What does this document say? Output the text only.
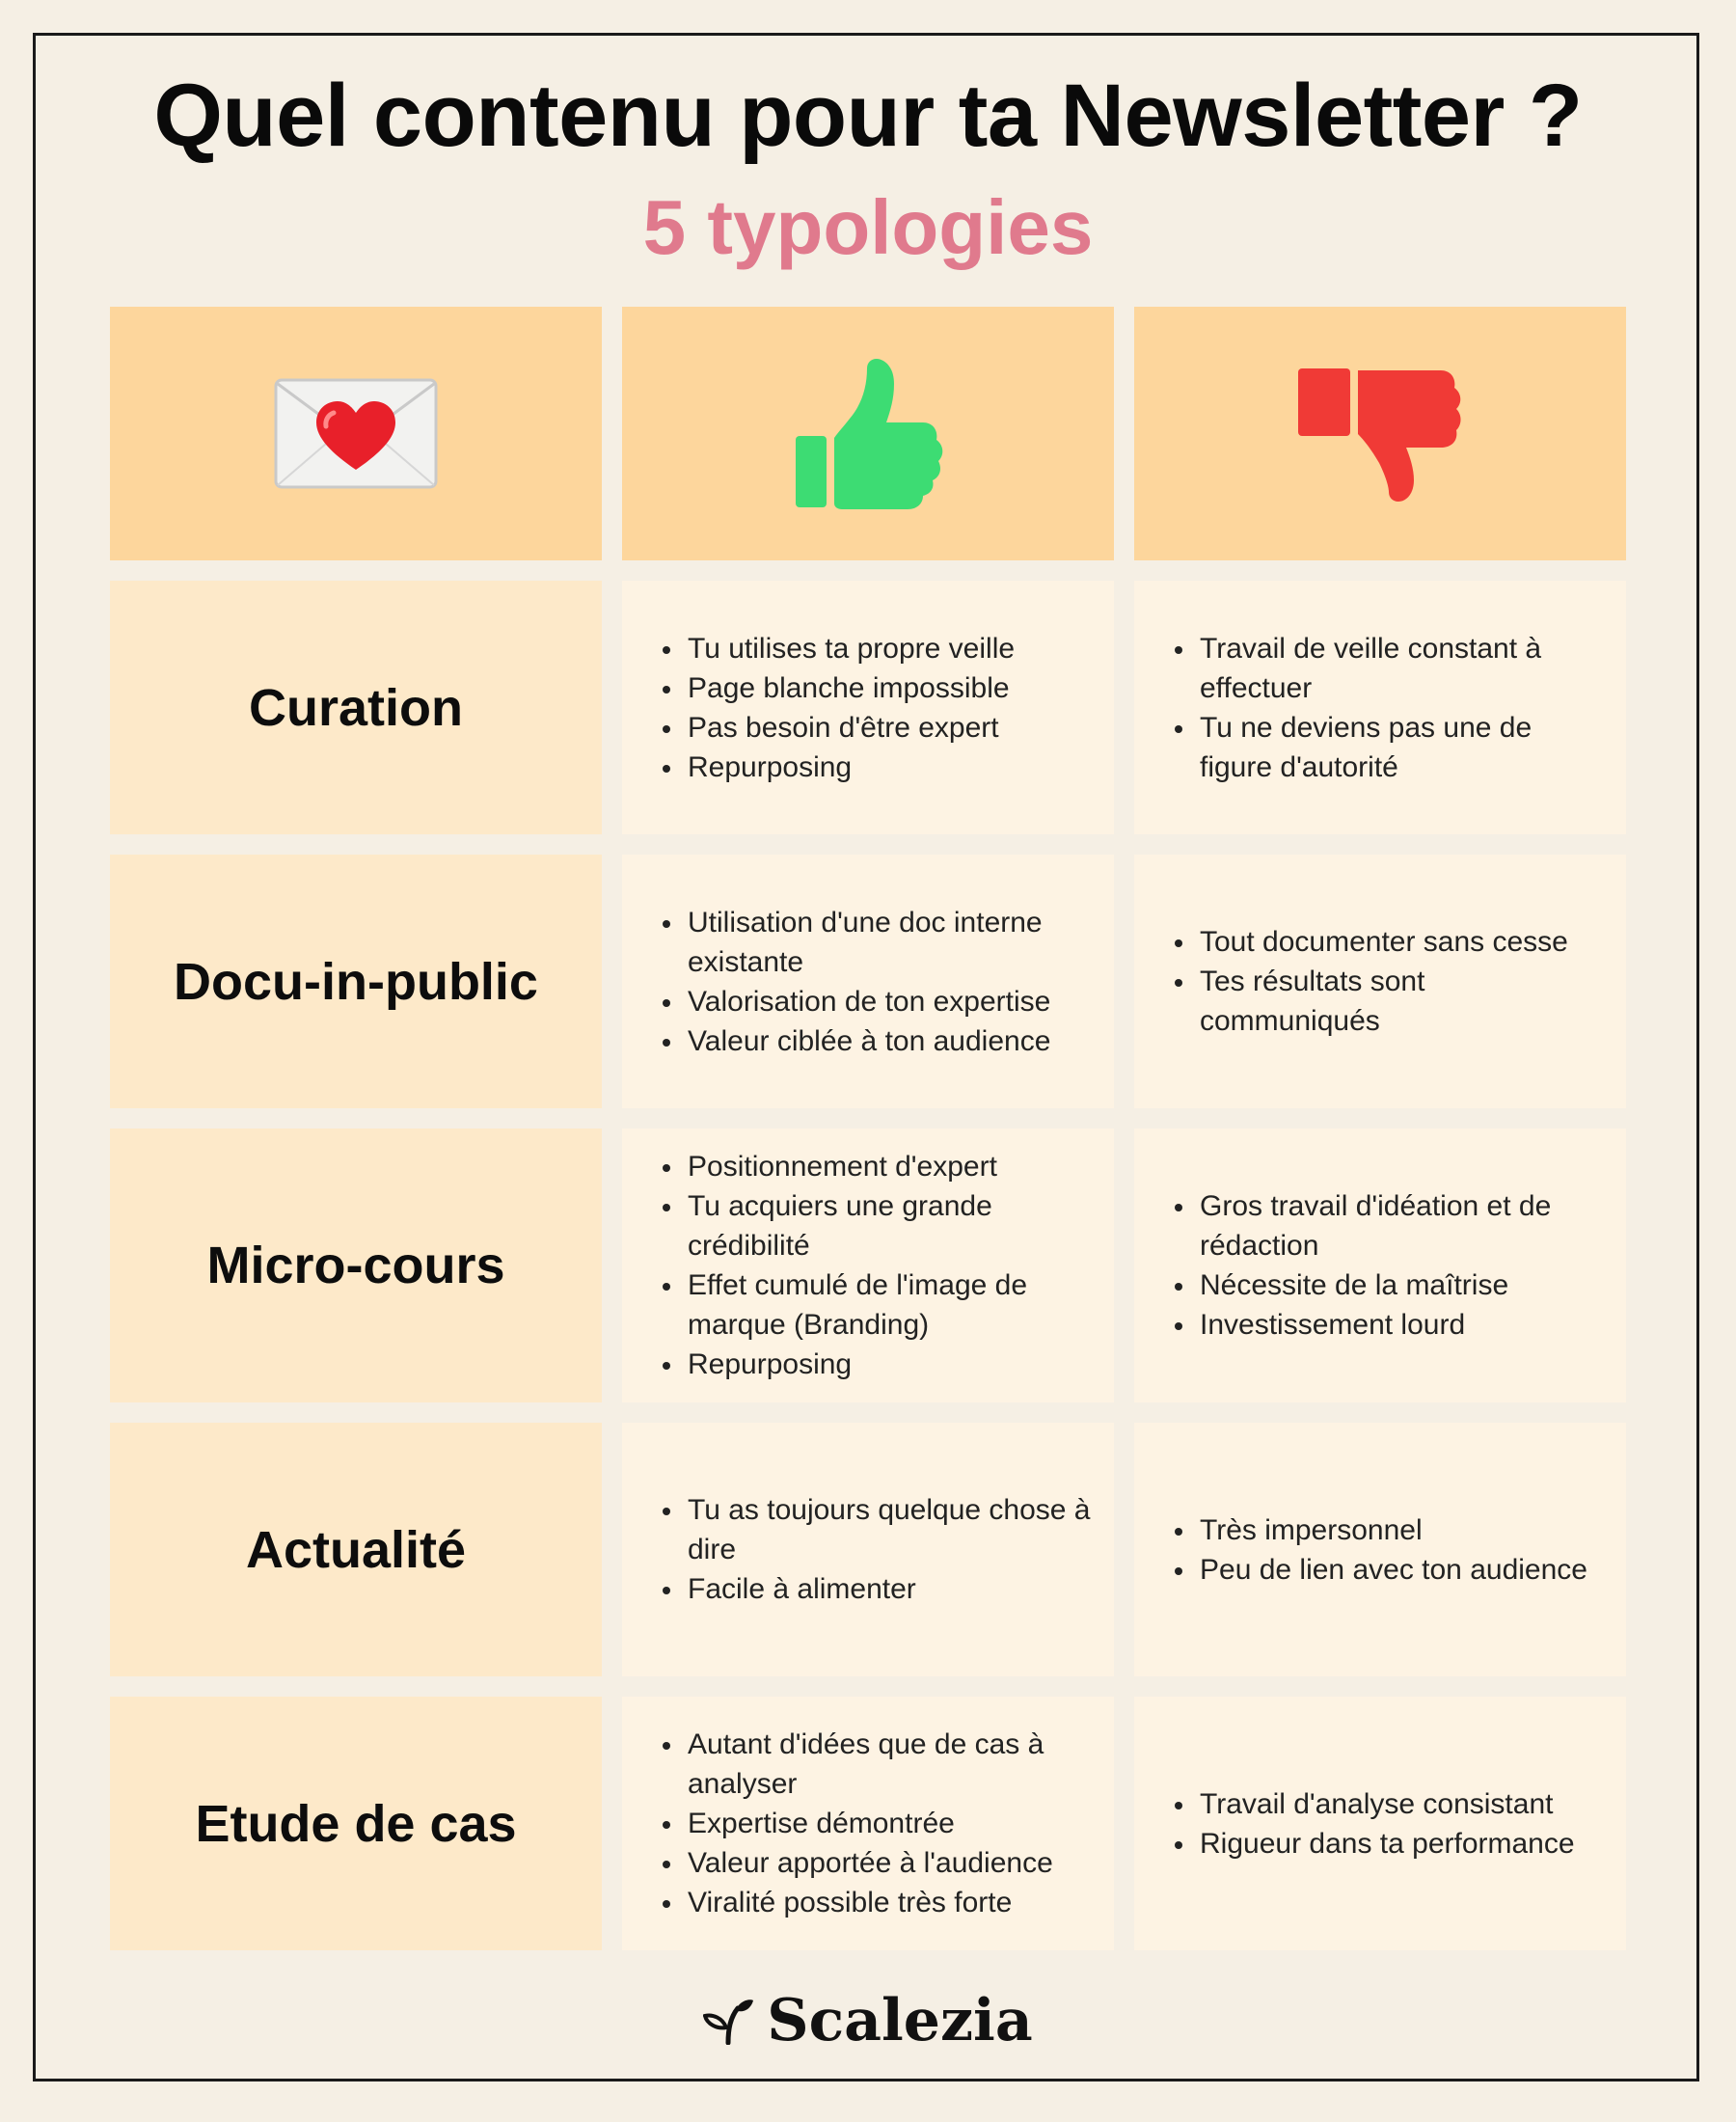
Quel contenu pour ta Newsletter ?
5 typologies
Curation
Tu utilises ta propre veille
Page blanche impossible
Pas besoin d'être expert
Repurposing
Travail de veille constant à effectuer
Tu ne deviens pas une de figure d'autorité
Docu-in-public
Utilisation d'une doc interne existante
Valorisation de ton expertise
Valeur ciblée à ton audience
Tout documenter sans cesse
Tes résultats sont communiqués
Micro-cours
Positionnement d'expert
Tu acquiers une grande crédibilité
Effet cumulé de l'image de marque (Branding)
Repurposing
Gros travail d'idéation et de rédaction
Nécessite de la maîtrise
Investissement lourd
Actualité
Tu as toujours quelque chose à dire
Facile à alimenter
Très impersonnel
Peu de lien avec ton audience
Etude de cas
Autant d'idées que de cas à analyser
Expertise démontrée
Valeur apportée à l'audience
Viralité possible très forte
Travail d'analyse consistant
Rigueur dans ta performance
Scalezia
